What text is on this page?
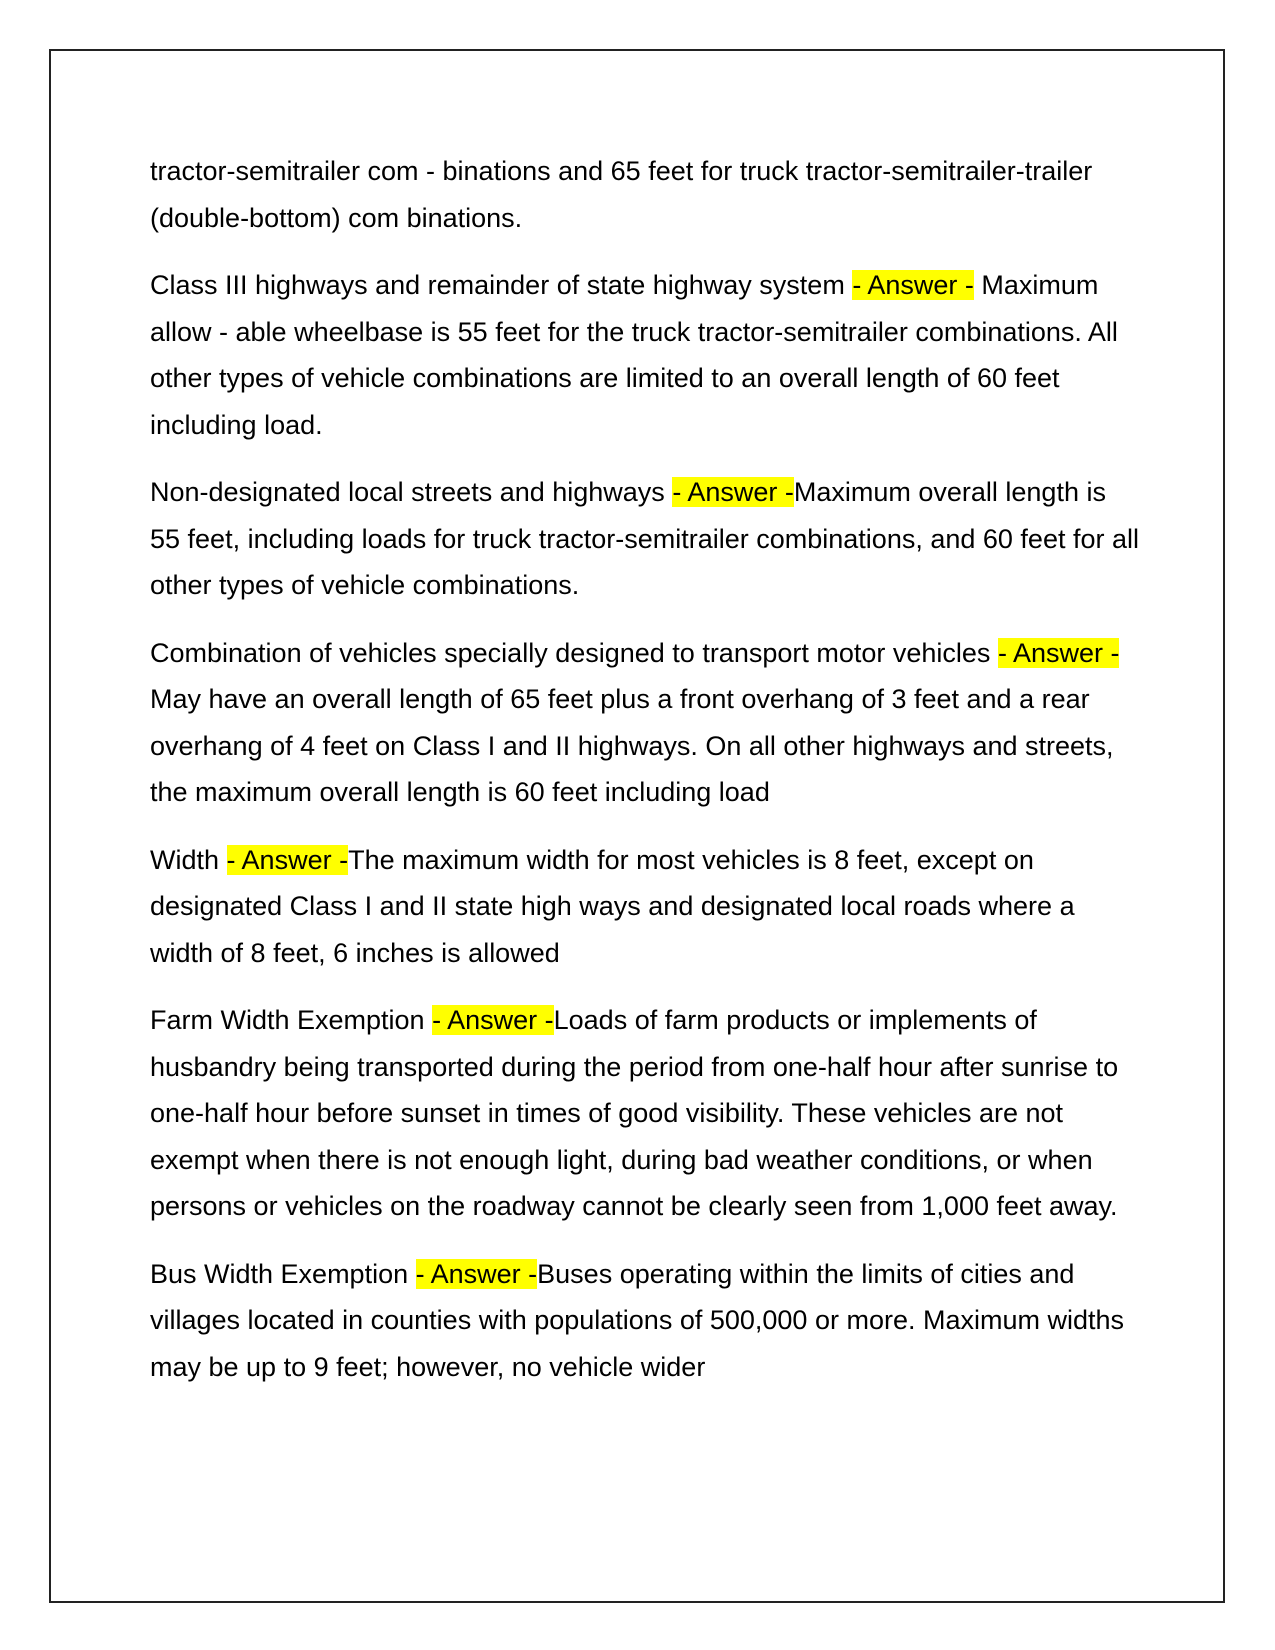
tractor-semitrailer com - binations and 65 feet for truck tractor-semitrailer-trailer (double-bottom) com binations.

Class III highways and remainder of state highway system - Answer - Maximum allow - able wheelbase is 55 feet for the truck tractor-semitrailer combinations. All other types of vehicle combinations are limited to an overall length of 60 feet including load.

Non-designated local streets and highways - Answer -Maximum overall length is 55 feet, including loads for truck tractor-semitrailer combinations, and 60 feet for all other types of vehicle combinations.

Combination of vehicles specially designed to transport motor vehicles - Answer -May have an overall length of 65 feet plus a front overhang of 3 feet and a rear overhang of 4 feet on Class I and II highways. On all other highways and streets, the maximum overall length is 60 feet including load

Width - Answer -The maximum width for most vehicles is 8 feet, except on designated Class I and II state high ways and designated local roads where a width of 8 feet, 6 inches is allowed

Farm Width Exemption - Answer -Loads of farm products or implements of husbandry being transported during the period from one-half hour after sunrise to one-half hour before sunset in times of good visibility. These vehicles are not exempt when there is not enough light, during bad weather conditions, or when persons or vehicles on the roadway cannot be clearly seen from 1,000 feet away.

Bus Width Exemption - Answer -Buses operating within the limits of cities and villages located in counties with populations of 500,000 or more. Maximum widths may be up to 9 feet; however, no vehicle wider
